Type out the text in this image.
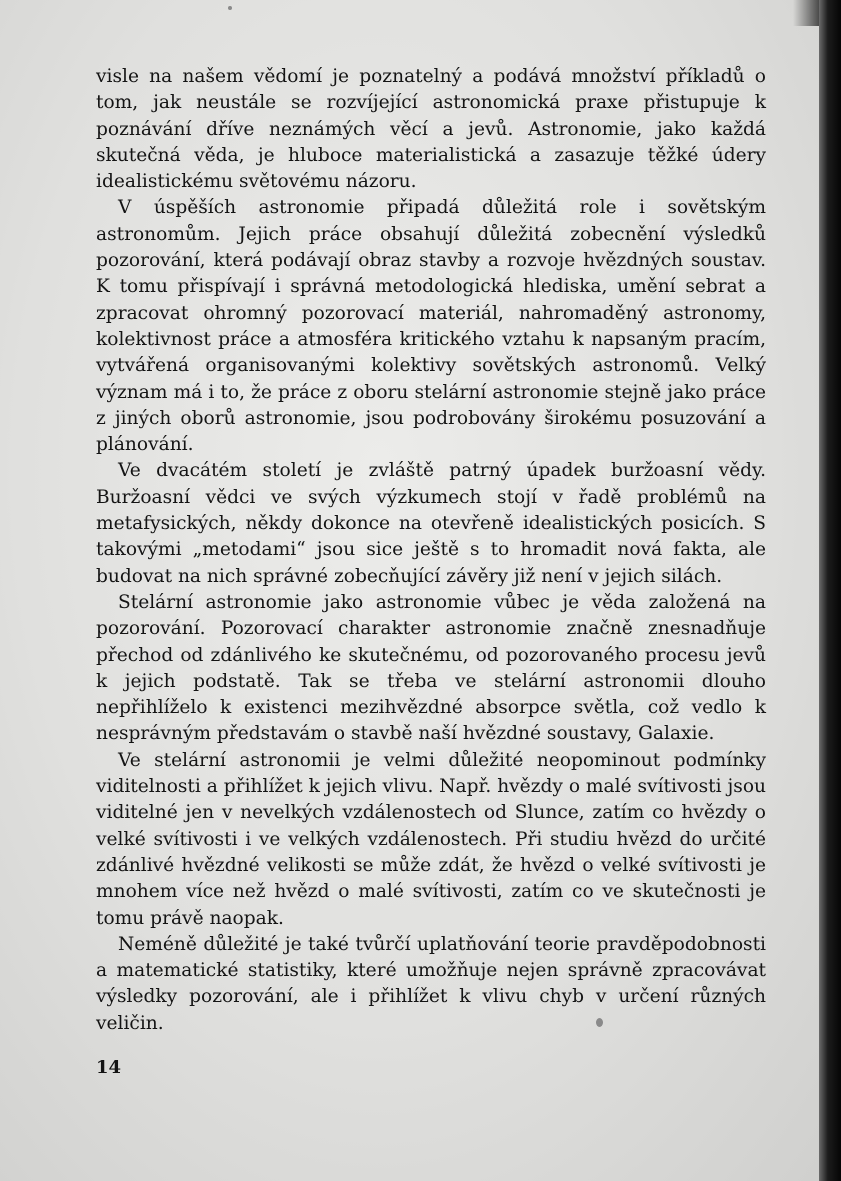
visle na našem vědomí je poznatelný a podává množství příkladů o tom, jak neustále se rozvíjející astronomická praxe přistupuje k poznávání dříve neznámých věcí a jevů. Astronomie, jako každá skutečná věda, je hluboce materialistická a zasazuje těžké údery idealistickému světovému názoru.

V úspěších astronomie připadá důležitá role i sovětským astronomům. Jejich práce obsahují důležitá zobecnění výsledků pozorování, která podávají obraz stavby a rozvoje hvězdných soustav. K tomu přispívají i správná metodologická hlediska, umění sebrat a zpracovat ohromný pozorovací materiál, nahromaděný astronomy, kolektivnost práce a atmosféra kritického vztahu k napsaným pracím, vytvářená organisovanými kolektivy sovětských astronomů. Velký význam má i to, že práce z oboru stelární astronomie stejně jako práce z jiných oborů astronomie, jsou podrobovány širokému posuzování a plánování.

Ve dvacátém století je zvláště patrný úpadek buržoasní vědy. Buržoasní vědci ve svých výzkumech stojí v řadě problémů na metafysických, někdy dokonce na otevřeně idealistických posicích. S takovými „metodami“ jsou sice ještě s to hromadit nová fakta, ale budovat na nich správné zobecňující závěry již není v jejich silách.

Stelární astronomie jako astronomie vůbec je věda založená na pozorování. Pozorovací charakter astronomie značně znesnadňuje přechod od zdánlivého ke skutečnému, od pozorovaného procesu jevů k jejich podstatě. Tak se třeba ve stelární astronomii dlouho nepřihlíželo k existenci mezihvězdné absorpce světla, což vedlo k nesprávným představám o stavbě naší hvězdné soustavy, Galaxie.

Ve stelární astronomii je velmi důležité neopominout podmínky viditelnosti a přihlížet k jejich vlivu. Např. hvězdy o malé svítivosti jsou viditelné jen v nevelkých vzdálenostech od Slunce, zatím co hvězdy o velké svítivosti i ve velkých vzdálenostech. Při studiu hvězd do určité zdánlivé hvězdné velikosti se může zdát, že hvězd o velké svítivosti je mnohem více než hvězd o malé svítivosti, zatím co ve skutečnosti je tomu právě naopak.

Neméně důležité je také tvůrčí uplatňování teorie pravděpodobnosti a matematické statistiky, které umožňuje nejen správně zpracovávat výsledky pozorování, ale i přihlížet k vlivu chyb v určení různých veličin.

14
